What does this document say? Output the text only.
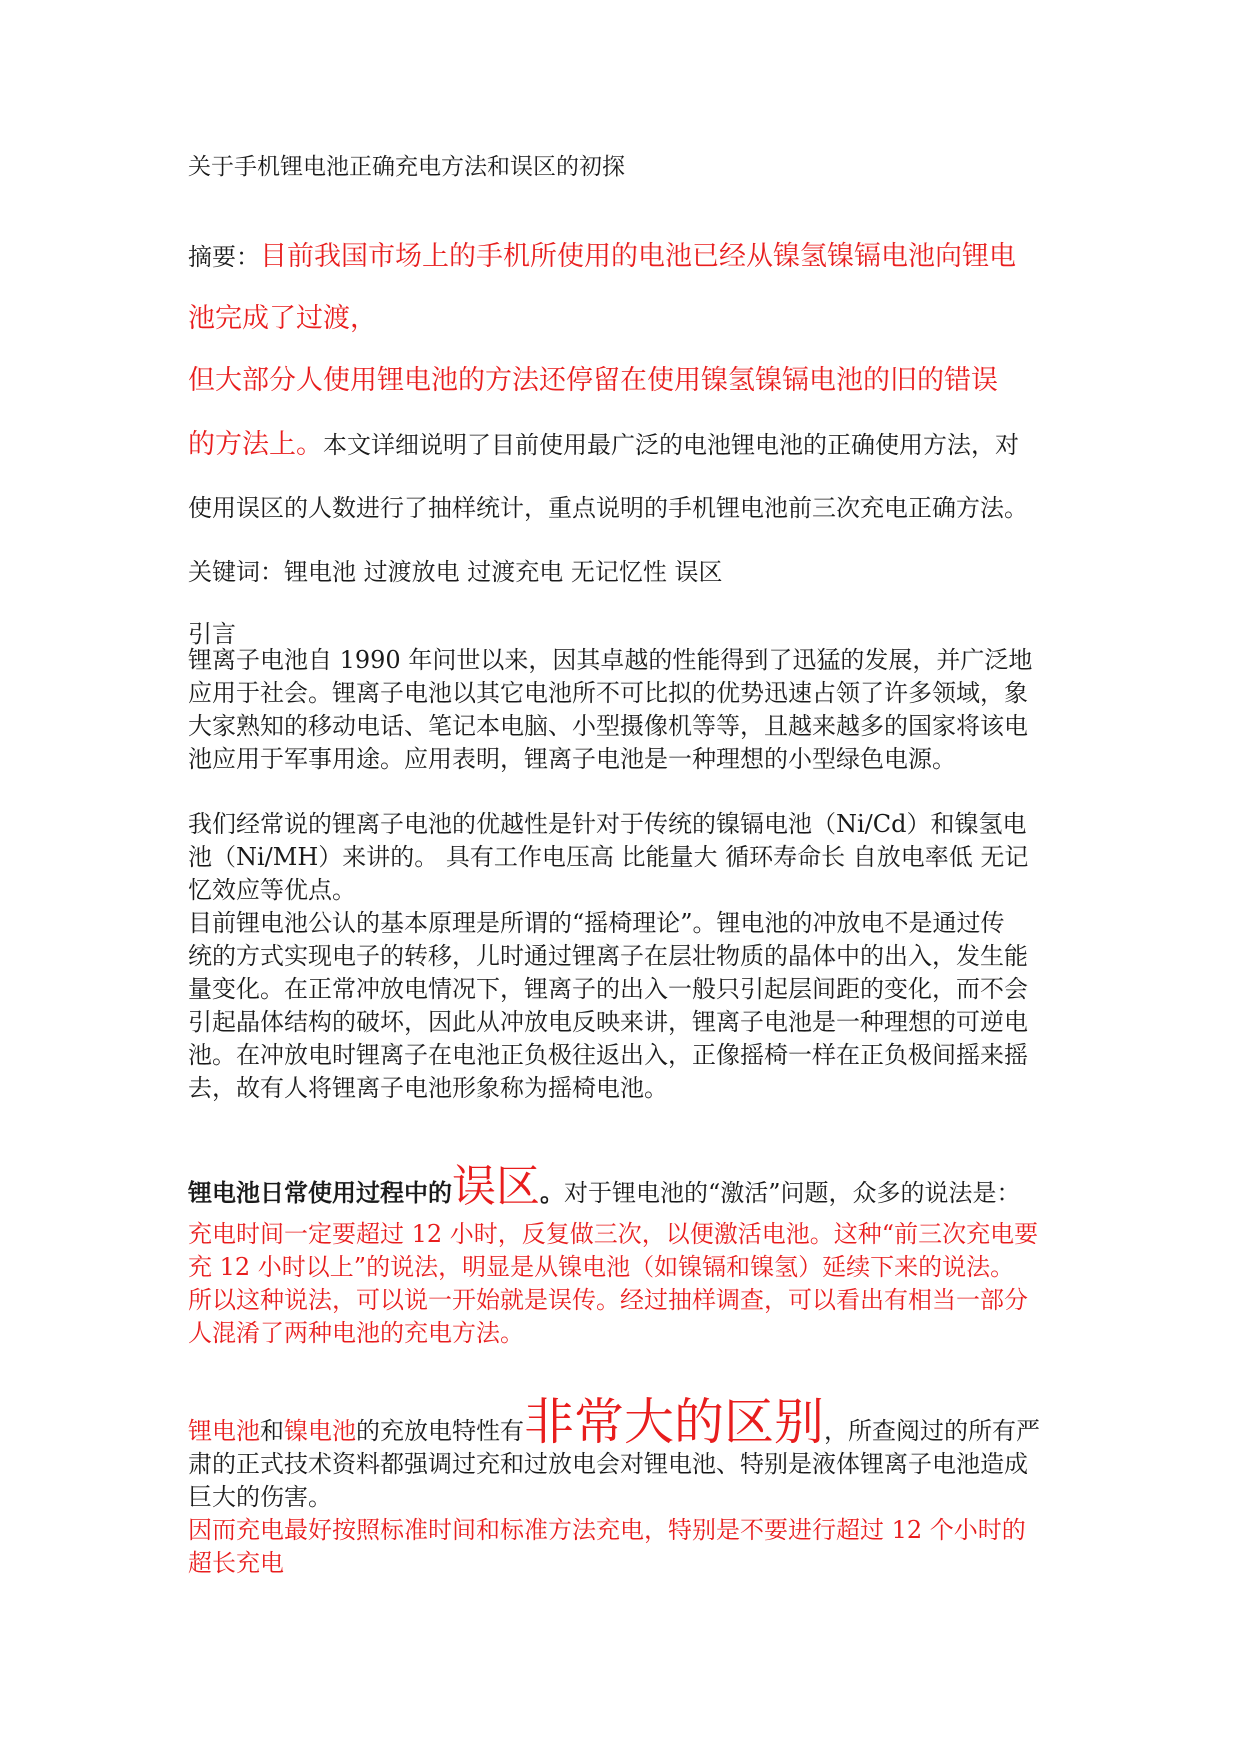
关于手机锂电池正确充电方法和误区的初探
摘要：目前我国市场上的手机所使用的电池已经从镍氢镍镉电池向锂电
池完成了过渡，
但大部分人使用锂电池的方法还停留在使用镍氢镍镉电池的旧的错误
的方法上。本文详细说明了目前使用最广泛的电池锂电池的正确使用方法，对
使用误区的人数进行了抽样统计，重点说明的手机锂电池前三次充电正确方法。
关键词：锂电池 过渡放电 过渡充电 无记忆性 误区
引言
锂离子电池自 1990 年问世以来，因其卓越的性能得到了迅猛的发展，并广泛地
应用于社会。锂离子电池以其它电池所不可比拟的优势迅速占领了许多领域，象
大家熟知的移动电话、笔记本电脑、小型摄像机等等，且越来越多的国家将该电
池应用于军事用途。应用表明，锂离子电池是一种理想的小型绿色电源。
我们经常说的锂离子电池的优越性是针对于传统的镍镉电池（Ni/Cd）和镍氢电
池（Ni/MH）来讲的。 具有工作电压高 比能量大 循环寿命长 自放电率低 无记
忆效应等优点。
目前锂电池公认的基本原理是所谓的“摇椅理论”。锂电池的冲放电不是通过传
统的方式实现电子的转移，儿时通过锂离子在层壮物质的晶体中的出入，发生能
量变化。在正常冲放电情况下，锂离子的出入一般只引起层间距的变化，而不会
引起晶体结构的破坏，因此从冲放电反映来讲，锂离子电池是一种理想的可逆电
池。在冲放电时锂离子在电池正负极往返出入，正像摇椅一样在正负极间摇来摇
去，故有人将锂离子电池形象称为摇椅电池。
锂电池日常使用过程中的误区。对于锂电池的“激活”问题，众多的说法是：
充电时间一定要超过 12 小时，反复做三次，以便激活电池。这种“前三次充电要
充 12 小时以上”的说法，明显是从镍电池（如镍镉和镍氢）延续下来的说法。
所以这种说法，可以说一开始就是误传。经过抽样调查，可以看出有相当一部分
人混淆了两种电池的充电方法。
锂电池和镍电池的充放电特性有非常大的区别，所查阅过的所有严
肃的正式技术资料都强调过充和过放电会对锂电池、特别是液体锂离子电池造成
巨大的伤害。
因而充电最好按照标准时间和标准方法充电，特别是不要进行超过 12 个小时的
超长充电
